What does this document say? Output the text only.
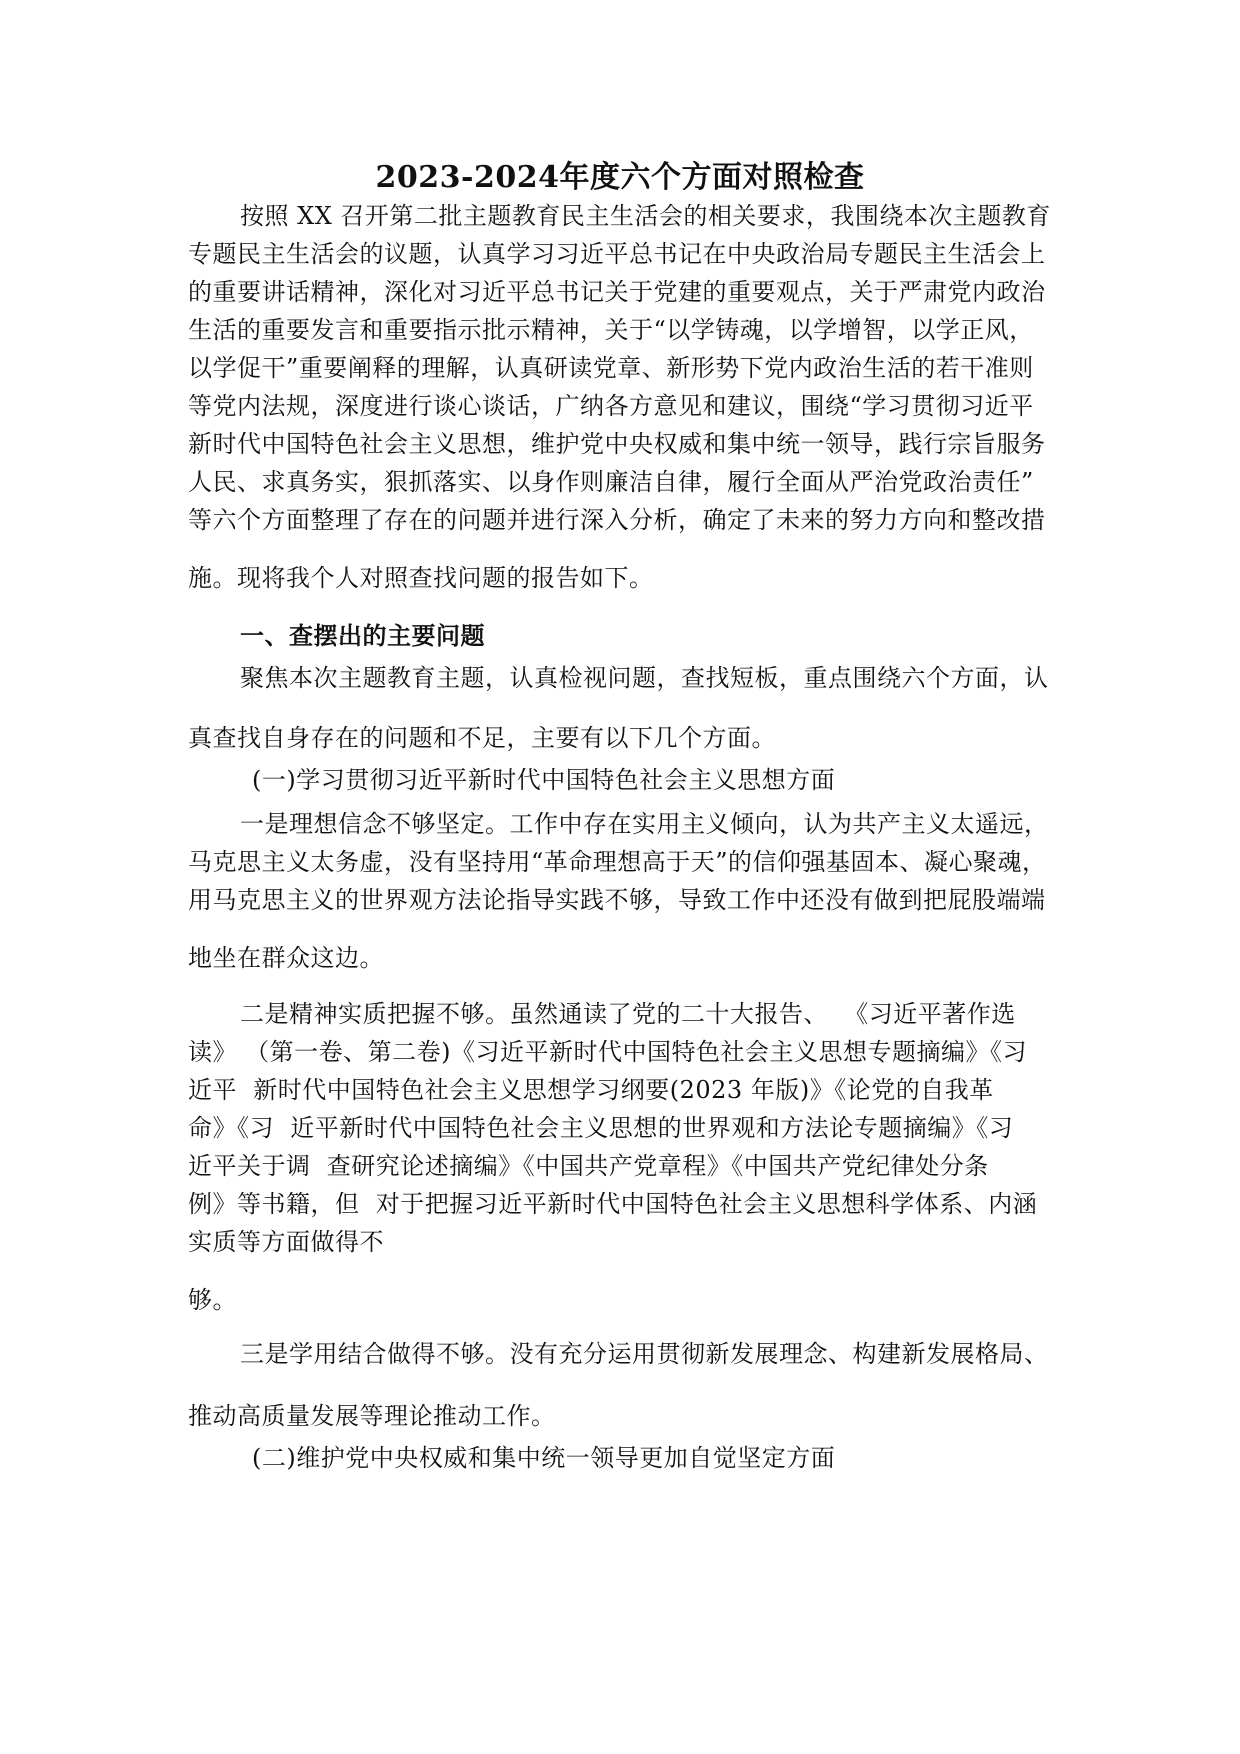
2023-2024年度六个方面对照检查
按照 XX 召开第二批主题教育民主生活会的相关要求，我围绕本次主题教育
专题民主生活会的议题，认真学习习近平总书记在中央政治局专题民主生活会上
的重要讲话精神，深化对习近平总书记关于党建的重要观点，关于严肃党内政治
生活的重要发言和重要指示批示精神，关于“以学铸魂，以学增智，以学正风，
以学促干”重要阐释的理解，认真研读党章、新形势下党内政治生活的若干准则
等党内法规，深度进行谈心谈话，广纳各方意见和建议，围绕“学习贯彻习近平
新时代中国特色社会主义思想，维护党中央权威和集中统一领导，践行宗旨服务
人民、求真务实，狠抓落实、以身作则廉洁自律，履行全面从严治党政治责任”
等六个方面整理了存在的问题并进行深入分析，确定了未来的努力方向和整改措
施。现将我个人对照查找问题的报告如下。
一、查摆出的主要问题
聚焦本次主题教育主题，认真检视问题，查找短板，重点围绕六个方面，认
真查找自身存在的问题和不足，主要有以下几个方面。
(一)学习贯彻习近平新时代中国特色社会主义思想方面
一是理想信念不够坚定。工作中存在实用主义倾向，认为共产主义太遥远，
马克思主义太务虚，没有坚持用“革命理想高于天”的信仰强基固本、凝心聚魂，
用马克思主义的世界观方法论指导实践不够，导致工作中还没有做到把屁股端端
地坐在群众这边。
二是精神实质把握不够。虽然通读了党的二十大报告、  《习近平著作选
读》 （第一卷、第二卷)《习近平新时代中国特色社会主义思想专题摘编》《习
近平  新时代中国特色社会主义思想学习纲要(2023 年版)》《论党的自我革
命》《习  近平新时代中国特色社会主义思想的世界观和方法论专题摘编》《习
近平关于调  查研究论述摘编》《中国共产党章程》《中国共产党纪律处分条
例》等书籍，但  对于把握习近平新时代中国特色社会主义思想科学体系、内涵
实质等方面做得不
够。
三是学用结合做得不够。没有充分运用贯彻新发展理念、构建新发展格局、
推动高质量发展等理论推动工作。
(二)维护党中央权威和集中统一领导更加自觉坚定方面
